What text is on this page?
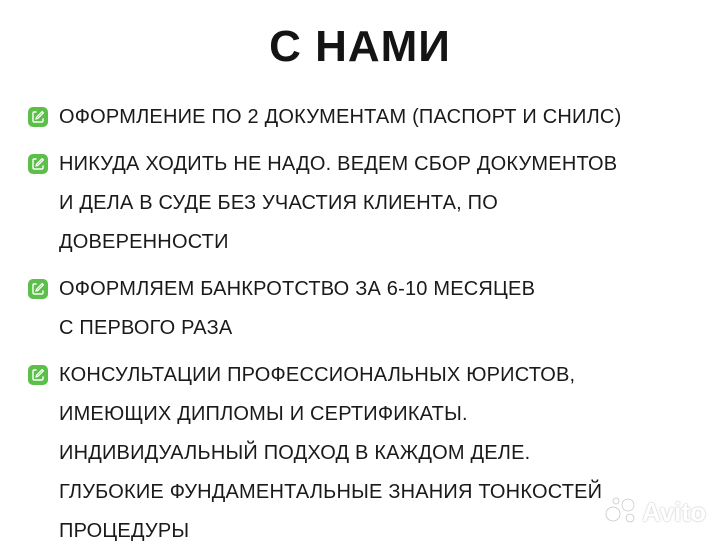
С НАМИ
ОФОРМЛЕНИЕ ПО 2 ДОКУМЕНТАМ (ПАСПОРТ И СНИЛС)
НИКУДА ХОДИТЬ НЕ НАДО. ВЕДЕМ СБОР ДОКУМЕНТОВ
И ДЕЛА В СУДЕ БЕЗ УЧАСТИЯ КЛИЕНТА, ПО
ДОВЕРЕННОСТИ
ОФОРМЛЯЕМ БАНКРОТСТВО ЗА 6-10 МЕСЯЦЕВ
С ПЕРВОГО РАЗА
КОНСУЛЬТАЦИИ ПРОФЕССИОНАЛЬНЫХ ЮРИСТОВ,
ИМЕЮЩИХ ДИПЛОМЫ И СЕРТИФИКАТЫ.
ИНДИВИДУАЛЬНЫЙ ПОДХОД В КАЖДОМ ДЕЛЕ.
ГЛУБОКИЕ ФУНДАМЕНТАЛЬНЫЕ ЗНАНИЯ ТОНКОСТЕЙ
ПРОЦЕДУРЫ
Avito
